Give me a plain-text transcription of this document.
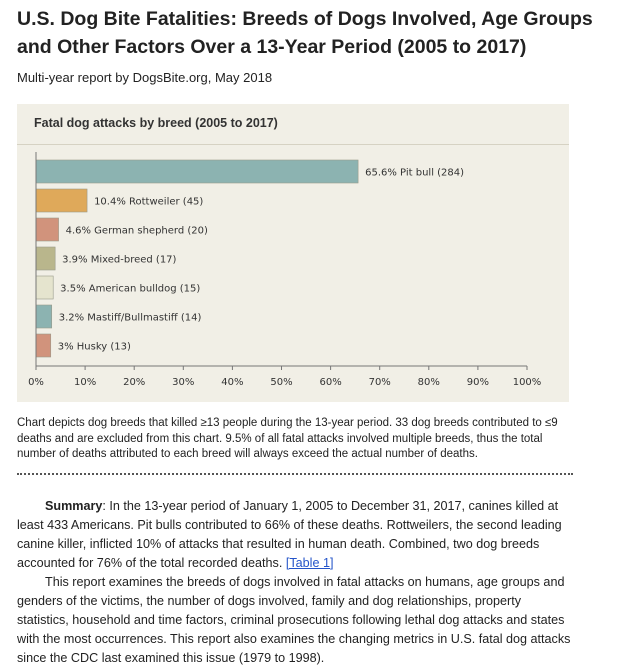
U.S. Dog Bite Fatalities: Breeds of Dogs Involved, Age Groups and Other Factors Over a 13-Year Period (2005 to 2017)
Multi-year report by DogsBite.org, May 2018
Fatal dog attacks by breed (2005 to 2017)
65.6% Pit bull (284)
10.4% Rottweiler (45)
4.6% German shepherd (20)
3.9% Mixed-breed (17)
3.5% American bulldog (15)
3.2% Mastiff/Bullmastiff (14)
3% Husky (13)
0%	10%	20%	30%	40%	50%	60%	70%	80%	90% 100%
Chart depicts dog breeds that killed ≥13 people during the 13-year period. 33 dog breeds contributed to ≤9 deaths and are excluded from this chart. 9.5% of all fatal attacks involved multiple breeds, thus the total number of deaths attributed to each breed will always exceed the actual number of deaths.

Summary: In the 13-year period of January 1, 2005 to December 31, 2017, canines killed at least 433 Americans. Pit bulls contributed to 66% of these deaths. Rottweilers, the second leading canine killer, inflicted 10% of attacks that resulted in human death. Combined, two dog breeds accounted for 76% of the total recorded deaths. [Table 1]

This report examines the breeds of dogs involved in fatal attacks on humans, age groups and genders of the victims, the number of dogs involved, family and dog relationships, property statistics, household and time factors, criminal prosecutions following lethal dog attacks and states with the most occurrences. This report also examines the changing metrics in U.S. fatal dog attacks since the CDC last examined this issue (1979 to 1998).
